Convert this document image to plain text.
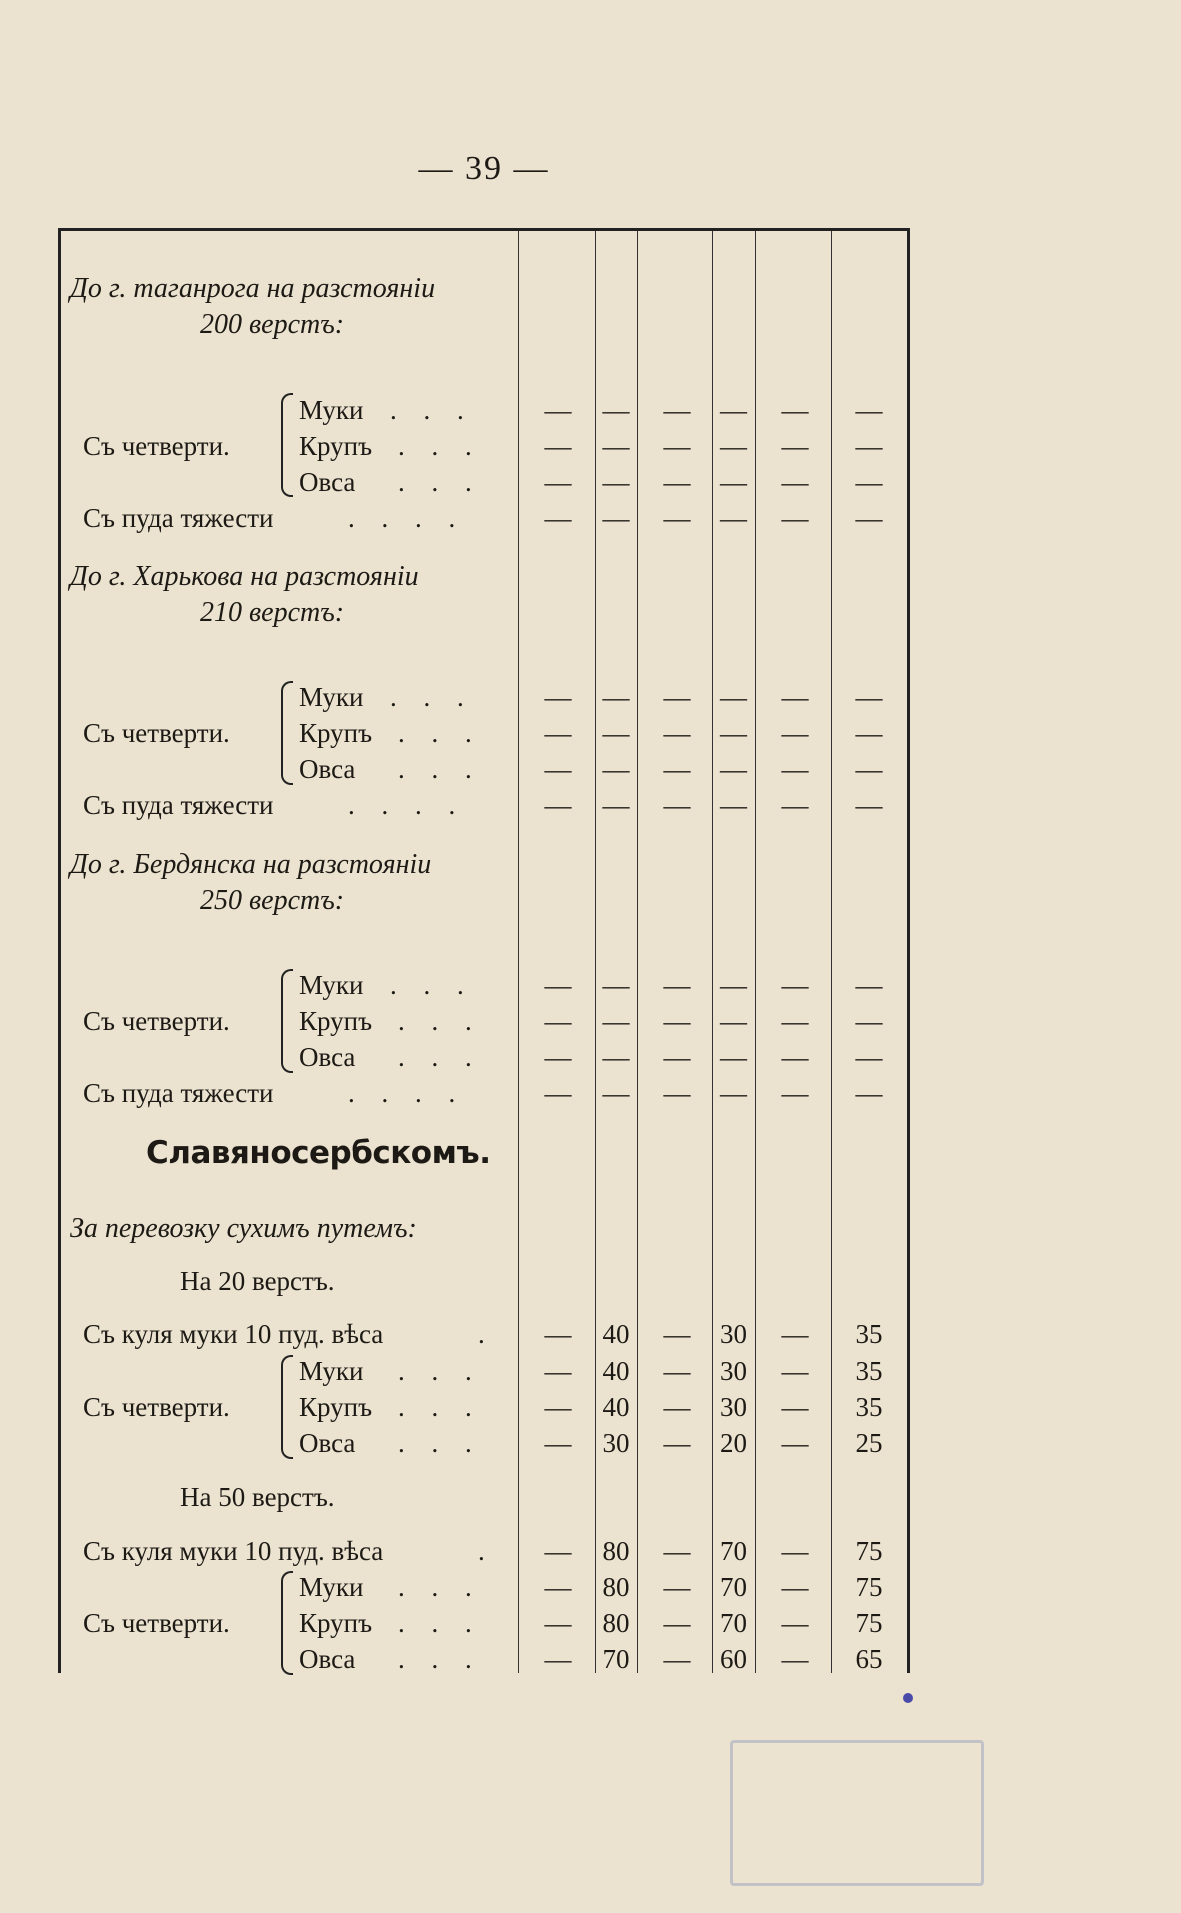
— 39 —
До г. таганрога на разстояніи
200 верстъ:
Муки . . .	—	—	—	—	—	—
Съ четверти.	Крупъ . . .	—	—	—	—	—	—
Овса . . .	—	—	—	—	—	—
Съ пуда тяжести	. . . .	—	—	—	—	—	—
До г. Харькова на разстояніи
210 верстъ:
Муки . . .	—	—	—	—	—	—
Съ четверти.	Крупъ . . .	—	—	—	—	—	—
Овса . . .	—	—	—	—	—	—
Съ пуда тяжести	. . . .	—	—	—	—	—	—
До г. Бердянска на разстояніи
250 верстъ:
Муки . . .	—	—	—	—	—	—
Съ четверти.	Крупъ . . .	—	—	—	—	—	—
Овса . . .	—	—	—	—	—	—
Съ пуда тяжести	. . . .	—	—	—	—	—	—
Славяносербскомъ.
За перевозку сухимъ путемъ:
На 20 верстъ.
Съ куля муки 10 пуд. вѣса	.	—	40	—	30	—	35
Муки . . .	—	40	—	30	—	35
Съ четверти.	Крупъ . . .	—	40	—	30	—	35
Овса . . .	—	30	—	20	—	25
На 50 верстъ.
Съ куля муки 10 пуд. вѣса	.	—	80	—	70	—	75
Муки . . .	—	80	—	70	—	75
Съ четверти.	Крупъ . . .	—	80	—	70	—	75
Овса . . .	—	70	—	60	—	65
